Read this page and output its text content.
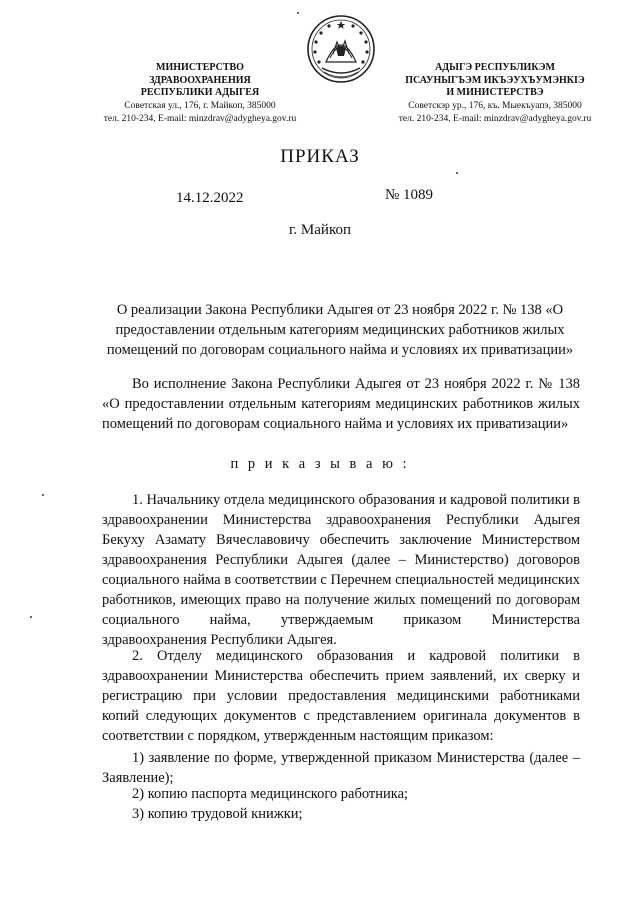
МИНИСТЕРСТВО

ЗДРАВООХРАНЕНИЯ

РЕСПУБЛИКИ АДЫГЕЯ

Советская ул., 176, г. Майкоп, 385000

тел. 210-234, E-mail: minzdrav@adygheya.gov.ru

АДЫГЭ РЕСПУБЛИКЭМ

ПСАУНЫГЪЭМ ИКЪЭУХЪУМЭНКIЭ

И МИНИСТЕРСТВЭ

Советскэр ур., 176, къ. Мыекъуапэ, 385000

тел. 210-234, E-mail: minzdrav@adygheya.gov.ru

ПРИКАЗ
14.12.2022	№ 1089
г. Майкоп
О реализации Закона Республики Адыгея от 23 ноября 2022 г. № 138 «О предоставлении отдельным категориям медицинских работников жилых помещений по договорам социального найма и условиях их приватизации»
Во исполнение Закона Республики Адыгея от 23 ноября 2022 г. № 138 «О предоставлении отдельным категориям медицинских работников жилых помещений по договорам социального найма и условиях их приватизации»
п р и к а з ы в а ю :
1. Начальнику отдела медицинского образования и кадровой политики в здравоохранении Министерства здравоохранения Республики Адыгея Бекуху Азамату Вячеславовичу обеспечить заключение Министерством здравоохранения Республики Адыгея (далее – Министерство) договоров социального найма в соответствии с Перечнем специальностей медицинских работников, имеющих право на получение жилых помещений по договорам социального найма, утверждаемым приказом Министерства здравоохранения Республики Адыгея.
2. Отделу медицинского образования и кадровой политики в здравоохранении Министерства обеспечить прием заявлений, их сверку и регистрацию при условии предоставления медицинскими работниками копий следующих документов с представлением оригинала документов в соответствии с порядком, утвержденным настоящим приказом:
1) заявление по форме, утвержденной приказом Министерства (далее – Заявление);
2) копию паспорта медицинского работника;
3) копию трудовой книжки;
